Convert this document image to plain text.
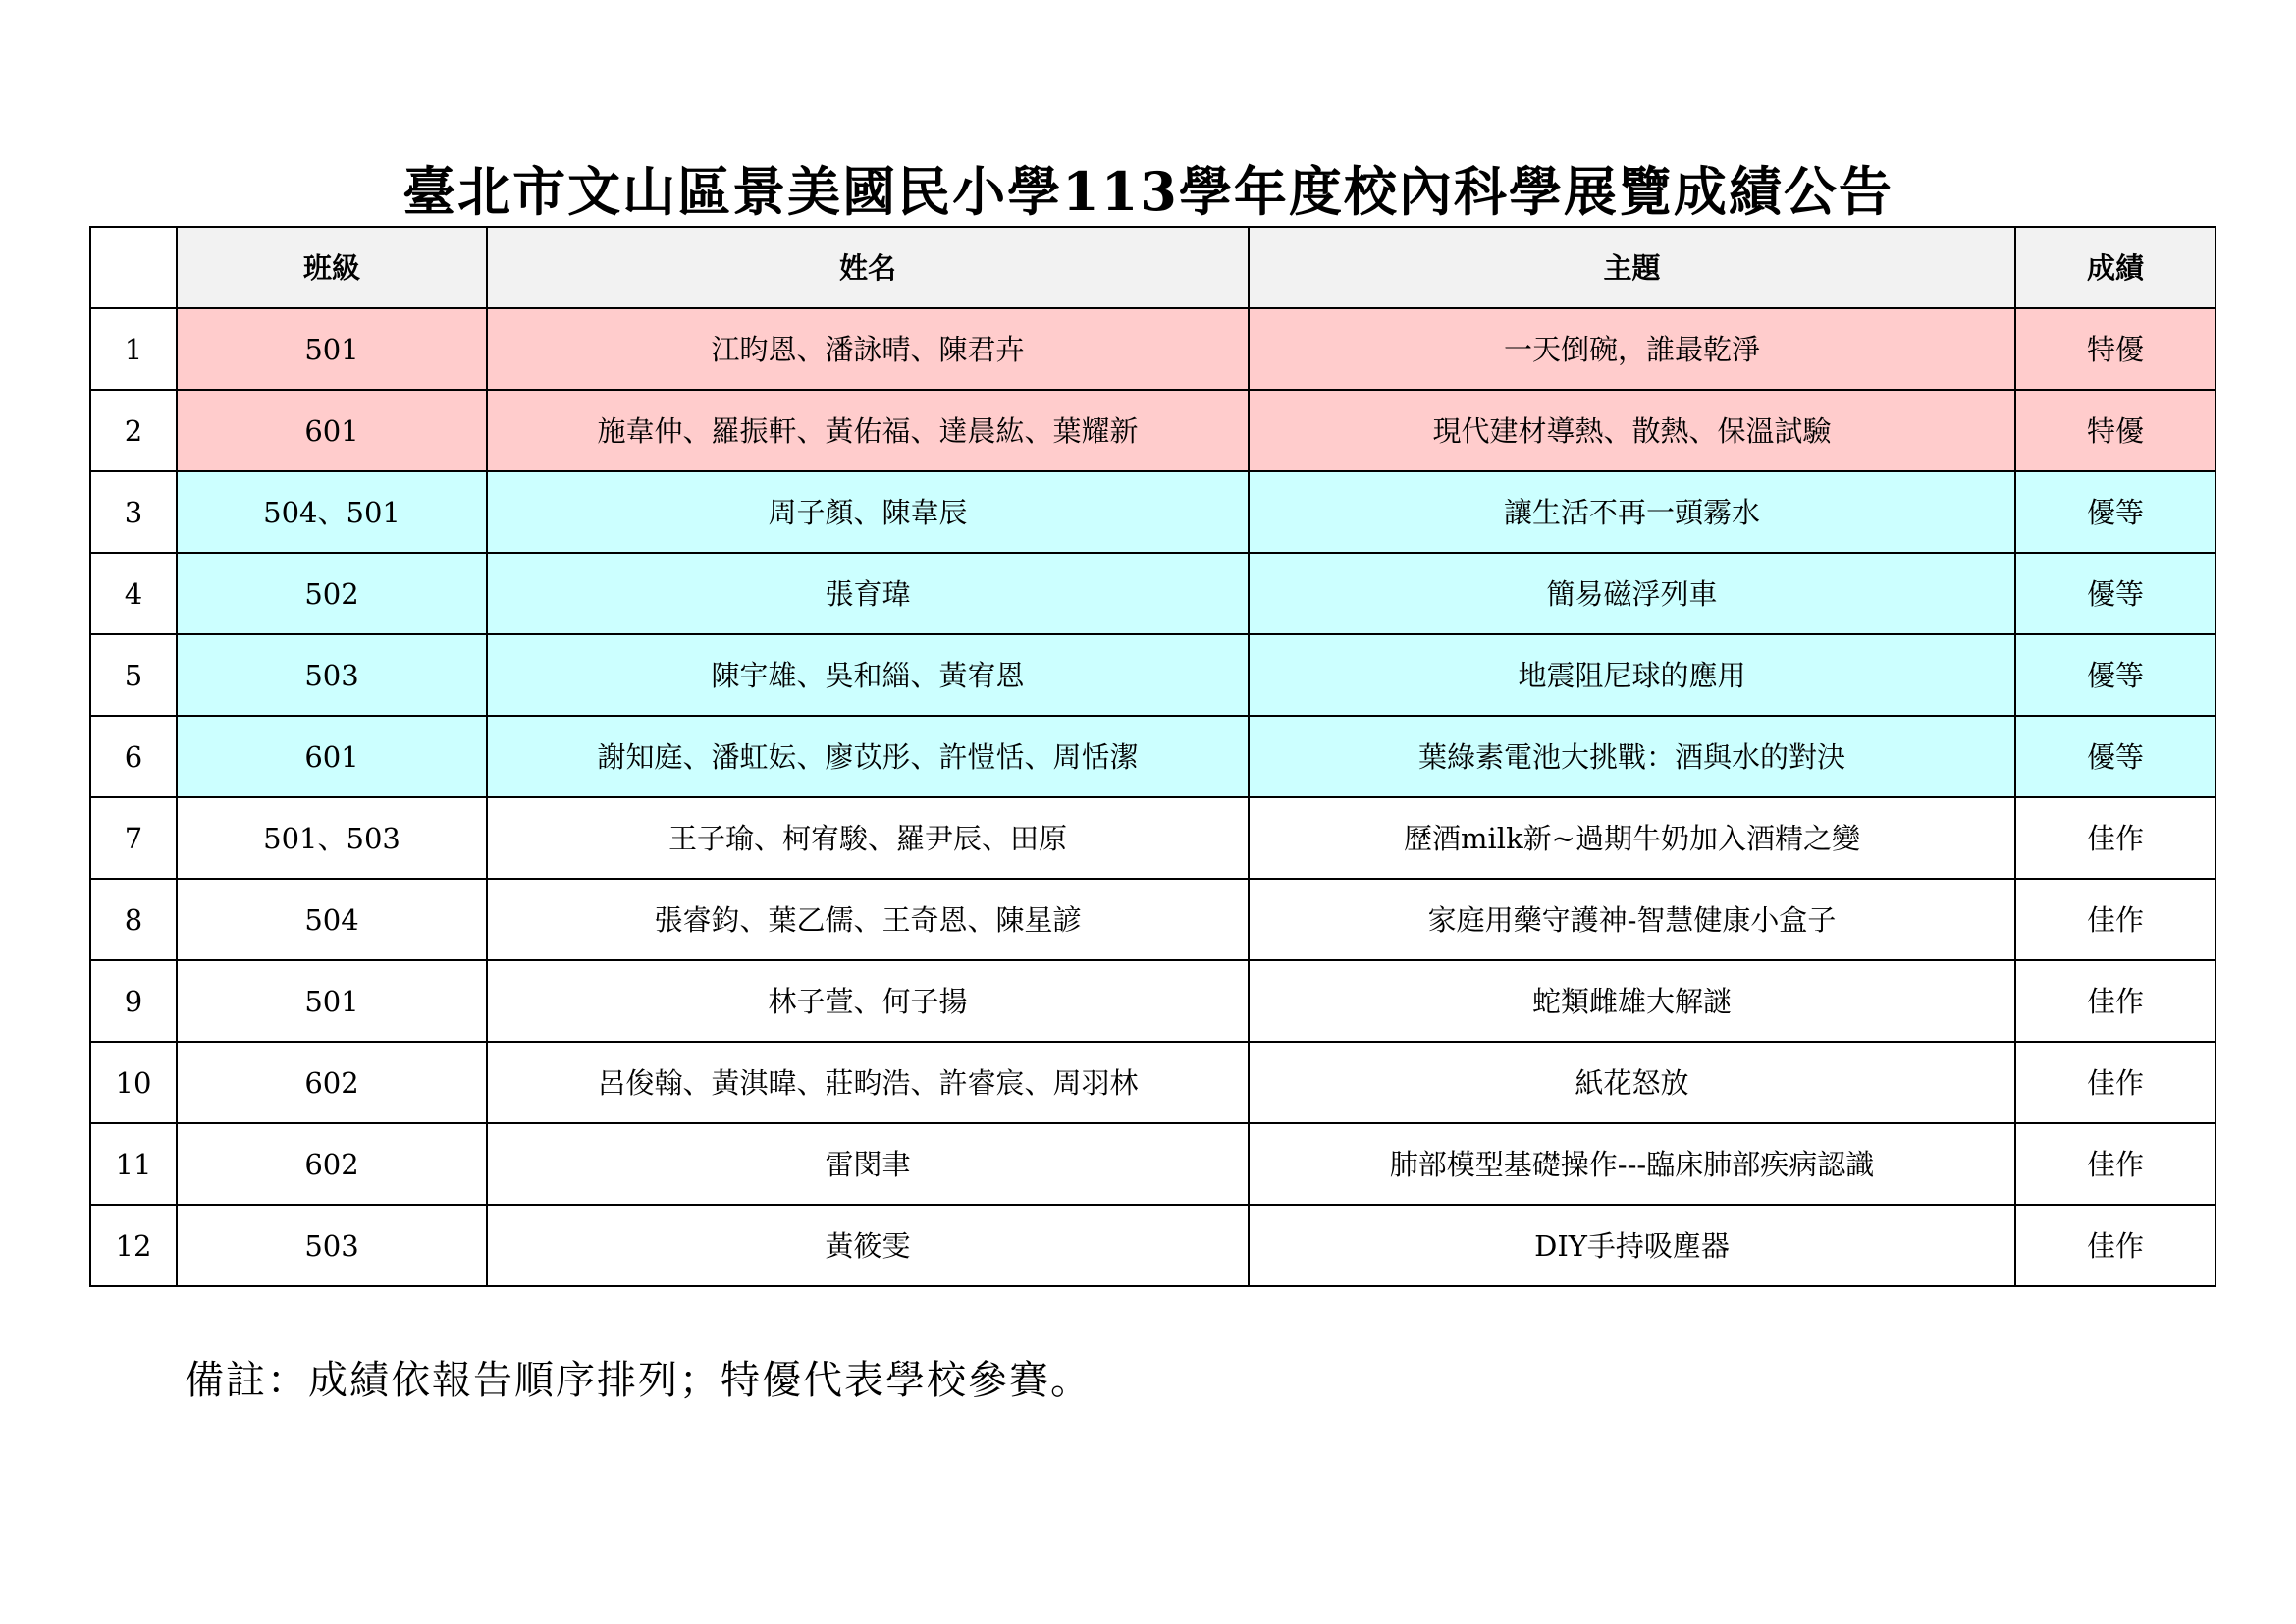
臺北市文山區景美國民小學113學年度校內科學展覽成績公告
	班級	姓名	主題	成績
1	501	江昀恩、潘詠晴、陳君卉	一天倒碗，誰最乾淨	特優
2	601	施韋仲、羅振軒、黃佑福、達晨紘、葉耀新	現代建材導熱、散熱、保溫試驗	特優
3	504、501	周子顏、陳韋辰	讓生活不再一頭霧水	優等
4	502	張育瑋	簡易磁浮列車	優等
5	503	陳宇雄、吳和緇、黃宥恩	地震阻尼球的應用	優等
6	601	謝知庭、潘虹妘、廖苡彤、許愷恬、周恬潔	葉綠素電池大挑戰：酒與水的對決	優等
7	501、503	王子瑜、柯宥駿、羅尹辰、田原	歷酒milk新~過期牛奶加入酒精之變	佳作
8	504	張睿鈞、葉乙儒、王奇恩、陳星諺	家庭用藥守護神-智慧健康小盒子	佳作
9	501	林子萱、何子揚	蛇類雌雄大解謎	佳作
10	602	呂俊翰、黃淇暐、莊畇浩、許睿宸、周羽林	紙花怒放	佳作
11	602	雷閔聿	肺部模型基礎操作---臨床肺部疾病認識	佳作
12	503	黃筱雯	DIY手持吸塵器	佳作
備註：成績依報告順序排列；特優代表學校參賽。
